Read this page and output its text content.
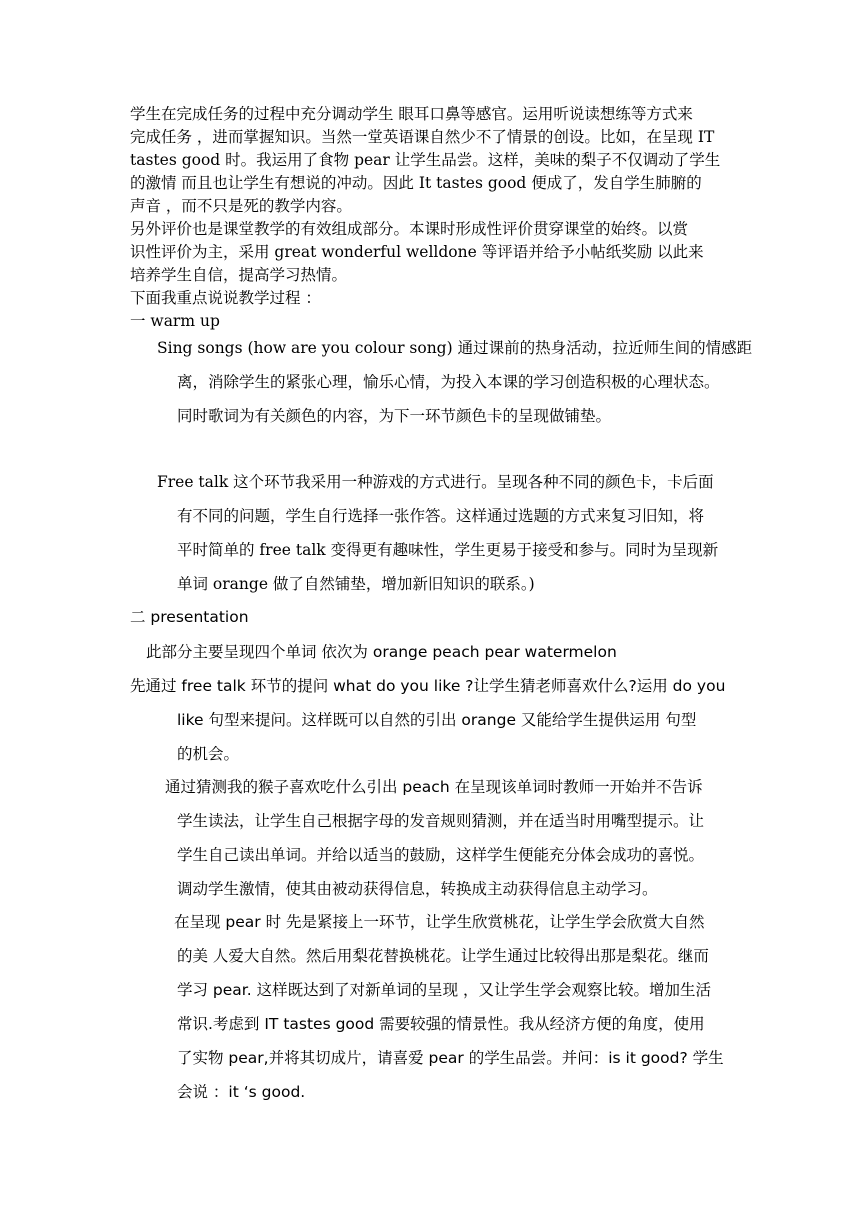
学生在完成任务的过程中充分调动学生 眼耳口鼻等感官。运用听说读想练等方式来
完成任务 ，进而掌握知识。当然一堂英语课自然少不了情景的创设。比如，在呈现 IT
tastes good 时。我运用了食物 pear 让学生品尝。这样，美味的梨子不仅调动了学生
的激情 而且也让学生有想说的冲动。因此 It tastes good 便成了，发自学生肺腑的
声音 ，而不只是死的教学内容。
另外评价也是课堂教学的有效组成部分。本课时形成性评价贯穿课堂的始终。以赏
识性评价为主，采用 great wonderful welldone 等评语并给予小帖纸奖励 以此来
培养学生自信，提高学习热情。
下面我重点说说教学过程 ：
一 warm up
Sing songs (how are you colour song) 通过课前的热身活动，拉近师生间的情感距
离，消除学生的紧张心理，愉乐心情，为投入本课的学习创造积极的心理状态。
同时歌词为有关颜色的内容，为下一环节颜色卡的呈现做铺垫。
Free talk 这个环节我采用一种游戏的方式进行。呈现各种不同的颜色卡，卡后面
有不同的问题，学生自行选择一张作答。这样通过选题的方式来复习旧知，将
平时简单的 free talk 变得更有趣味性，学生更易于接受和参与。同时为呈现新
单词 orange 做了自然铺垫，增加新旧知识的联系。)
二 presentation
此部分主要呈现四个单词 依次为 orange peach pear watermelon
先通过 free talk 环节的提问 what do you like ?让学生猜老师喜欢什么?运用 do you
like 句型来提问。这样既可以自然的引出 orange 又能给学生提供运用 句型
的机会。
通过猜测我的猴子喜欢吃什么引出 peach 在呈现该单词时教师一开始并不告诉
学生读法，让学生自己根据字母的发音规则猜测，并在适当时用嘴型提示。让
学生自己读出单词。并给以适当的鼓励，这样学生便能充分体会成功的喜悦。
调动学生激情，使其由被动获得信息，转换成主动获得信息主动学习。
在呈现 pear 时 先是紧接上一环节，让学生欣赏桃花，让学生学会欣赏大自然
的美 人爱大自然。然后用梨花替换桃花。让学生通过比较得出那是梨花。继而
学习 pear. 这样既达到了对新单词的呈现 ，又让学生学会观察比较。增加生活
常识.考虑到 IT tastes good 需要较强的情景性。我从经济方便的角度，使用
了实物 pear,并将其切成片，请喜爱 pear 的学生品尝。并问：is it good? 学生
会说 ：it ‘s good.
